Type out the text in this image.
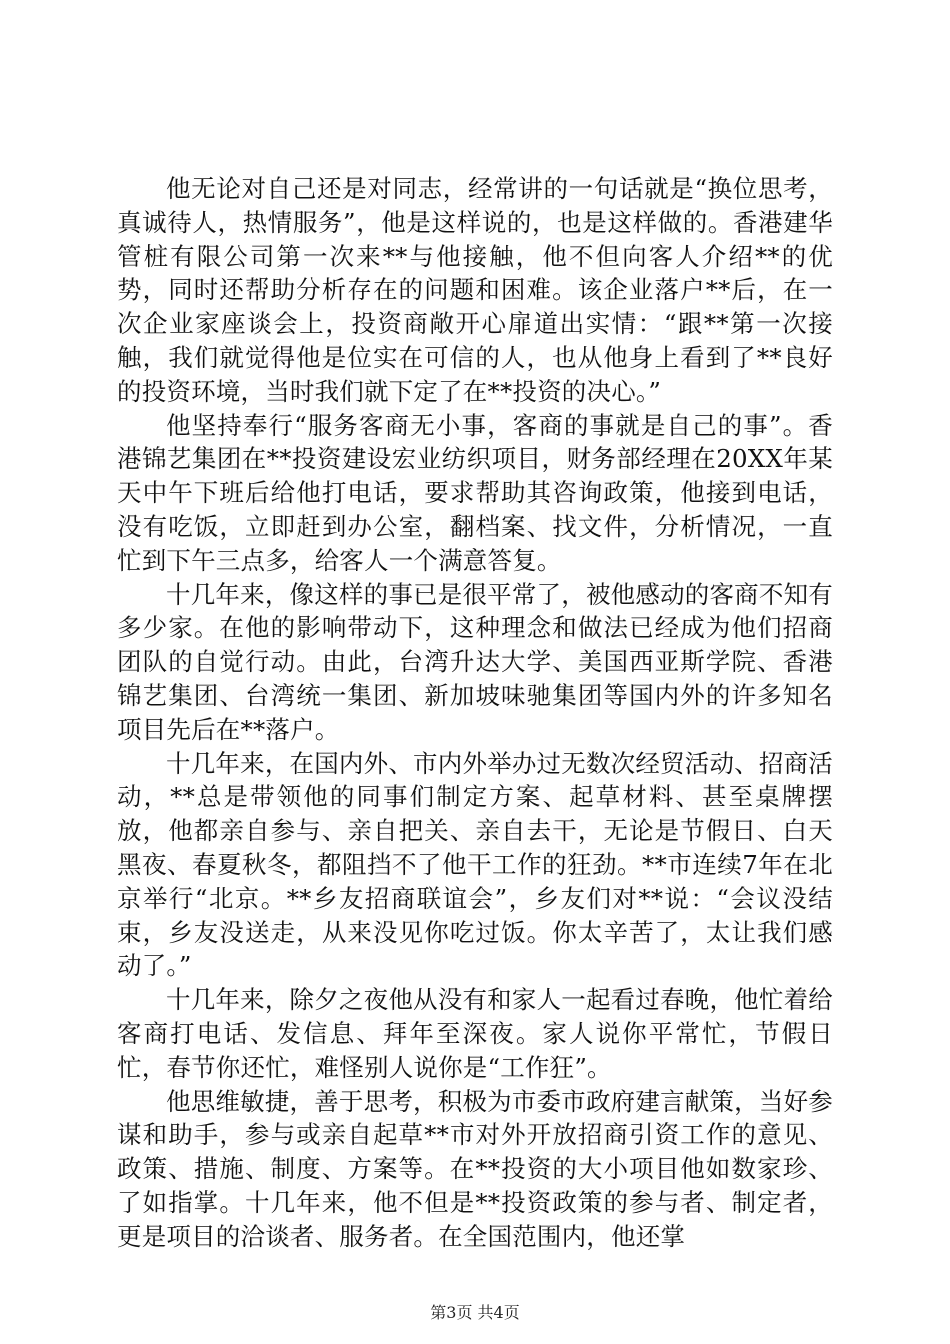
他无论对自己还是对同志，经常讲的一句话就是“换位思考，真诚待人，热情服务”，他是这样说的，也是这样做的。香港建华管桩有限公司第一次来**与他接触，他不但向客人介绍**的优势，同时还帮助分析存在的问题和困难。该企业落户**后，在一次企业家座谈会上，投资商敞开心扉道出实情：“跟**第一次接触，我们就觉得他是位实在可信的人，也从他身上看到了**良好的投资环境，当时我们就下定了在**投资的决心。”

他坚持奉行“服务客商无小事，客商的事就是自己的事”。香港锦艺集团在**投资建设宏业纺织项目，财务部经理在20XX年某天中午下班后给他打电话，要求帮助其咨询政策，他接到电话，没有吃饭，立即赶到办公室，翻档案、找文件，分析情况，一直忙到下午三点多，给客人一个满意答复。

十几年来，像这样的事已是很平常了，被他感动的客商不知有多少家。在他的影响带动下，这种理念和做法已经成为他们招商团队的自觉行动。由此，台湾升达大学、美国西亚斯学院、香港锦艺集团、台湾统一集团、新加坡味驰集团等国内外的许多知名项目先后在**落户。

十几年来，在国内外、市内外举办过无数次经贸活动、招商活动，**总是带领他的同事们制定方案、起草材料、甚至桌牌摆放，他都亲自参与、亲自把关、亲自去干，无论是节假日、白天黑夜、春夏秋冬，都阻挡不了他干工作的狂劲。**市连续7年在北京举行“北京。**乡友招商联谊会”，乡友们对**说：“会议没结束，乡友没送走，从来没见你吃过饭。你太辛苦了，太让我们感动了。”

十几年来，除夕之夜他从没有和家人一起看过春晚，他忙着给客商打电话、发信息、拜年至深夜。家人说你平常忙，节假日忙，春节你还忙，难怪别人说你是“工作狂”。

他思维敏捷，善于思考，积极为市委市政府建言献策，当好参谋和助手，参与或亲自起草**市对外开放招商引资工作的意见、政策、措施、制度、方案等。在**投资的大小项目他如数家珍、了如指掌。十几年来，他不但是**投资政策的参与者、制定者，更是项目的洽谈者、服务者。在全国范围内，他还掌

第3页 共4页
